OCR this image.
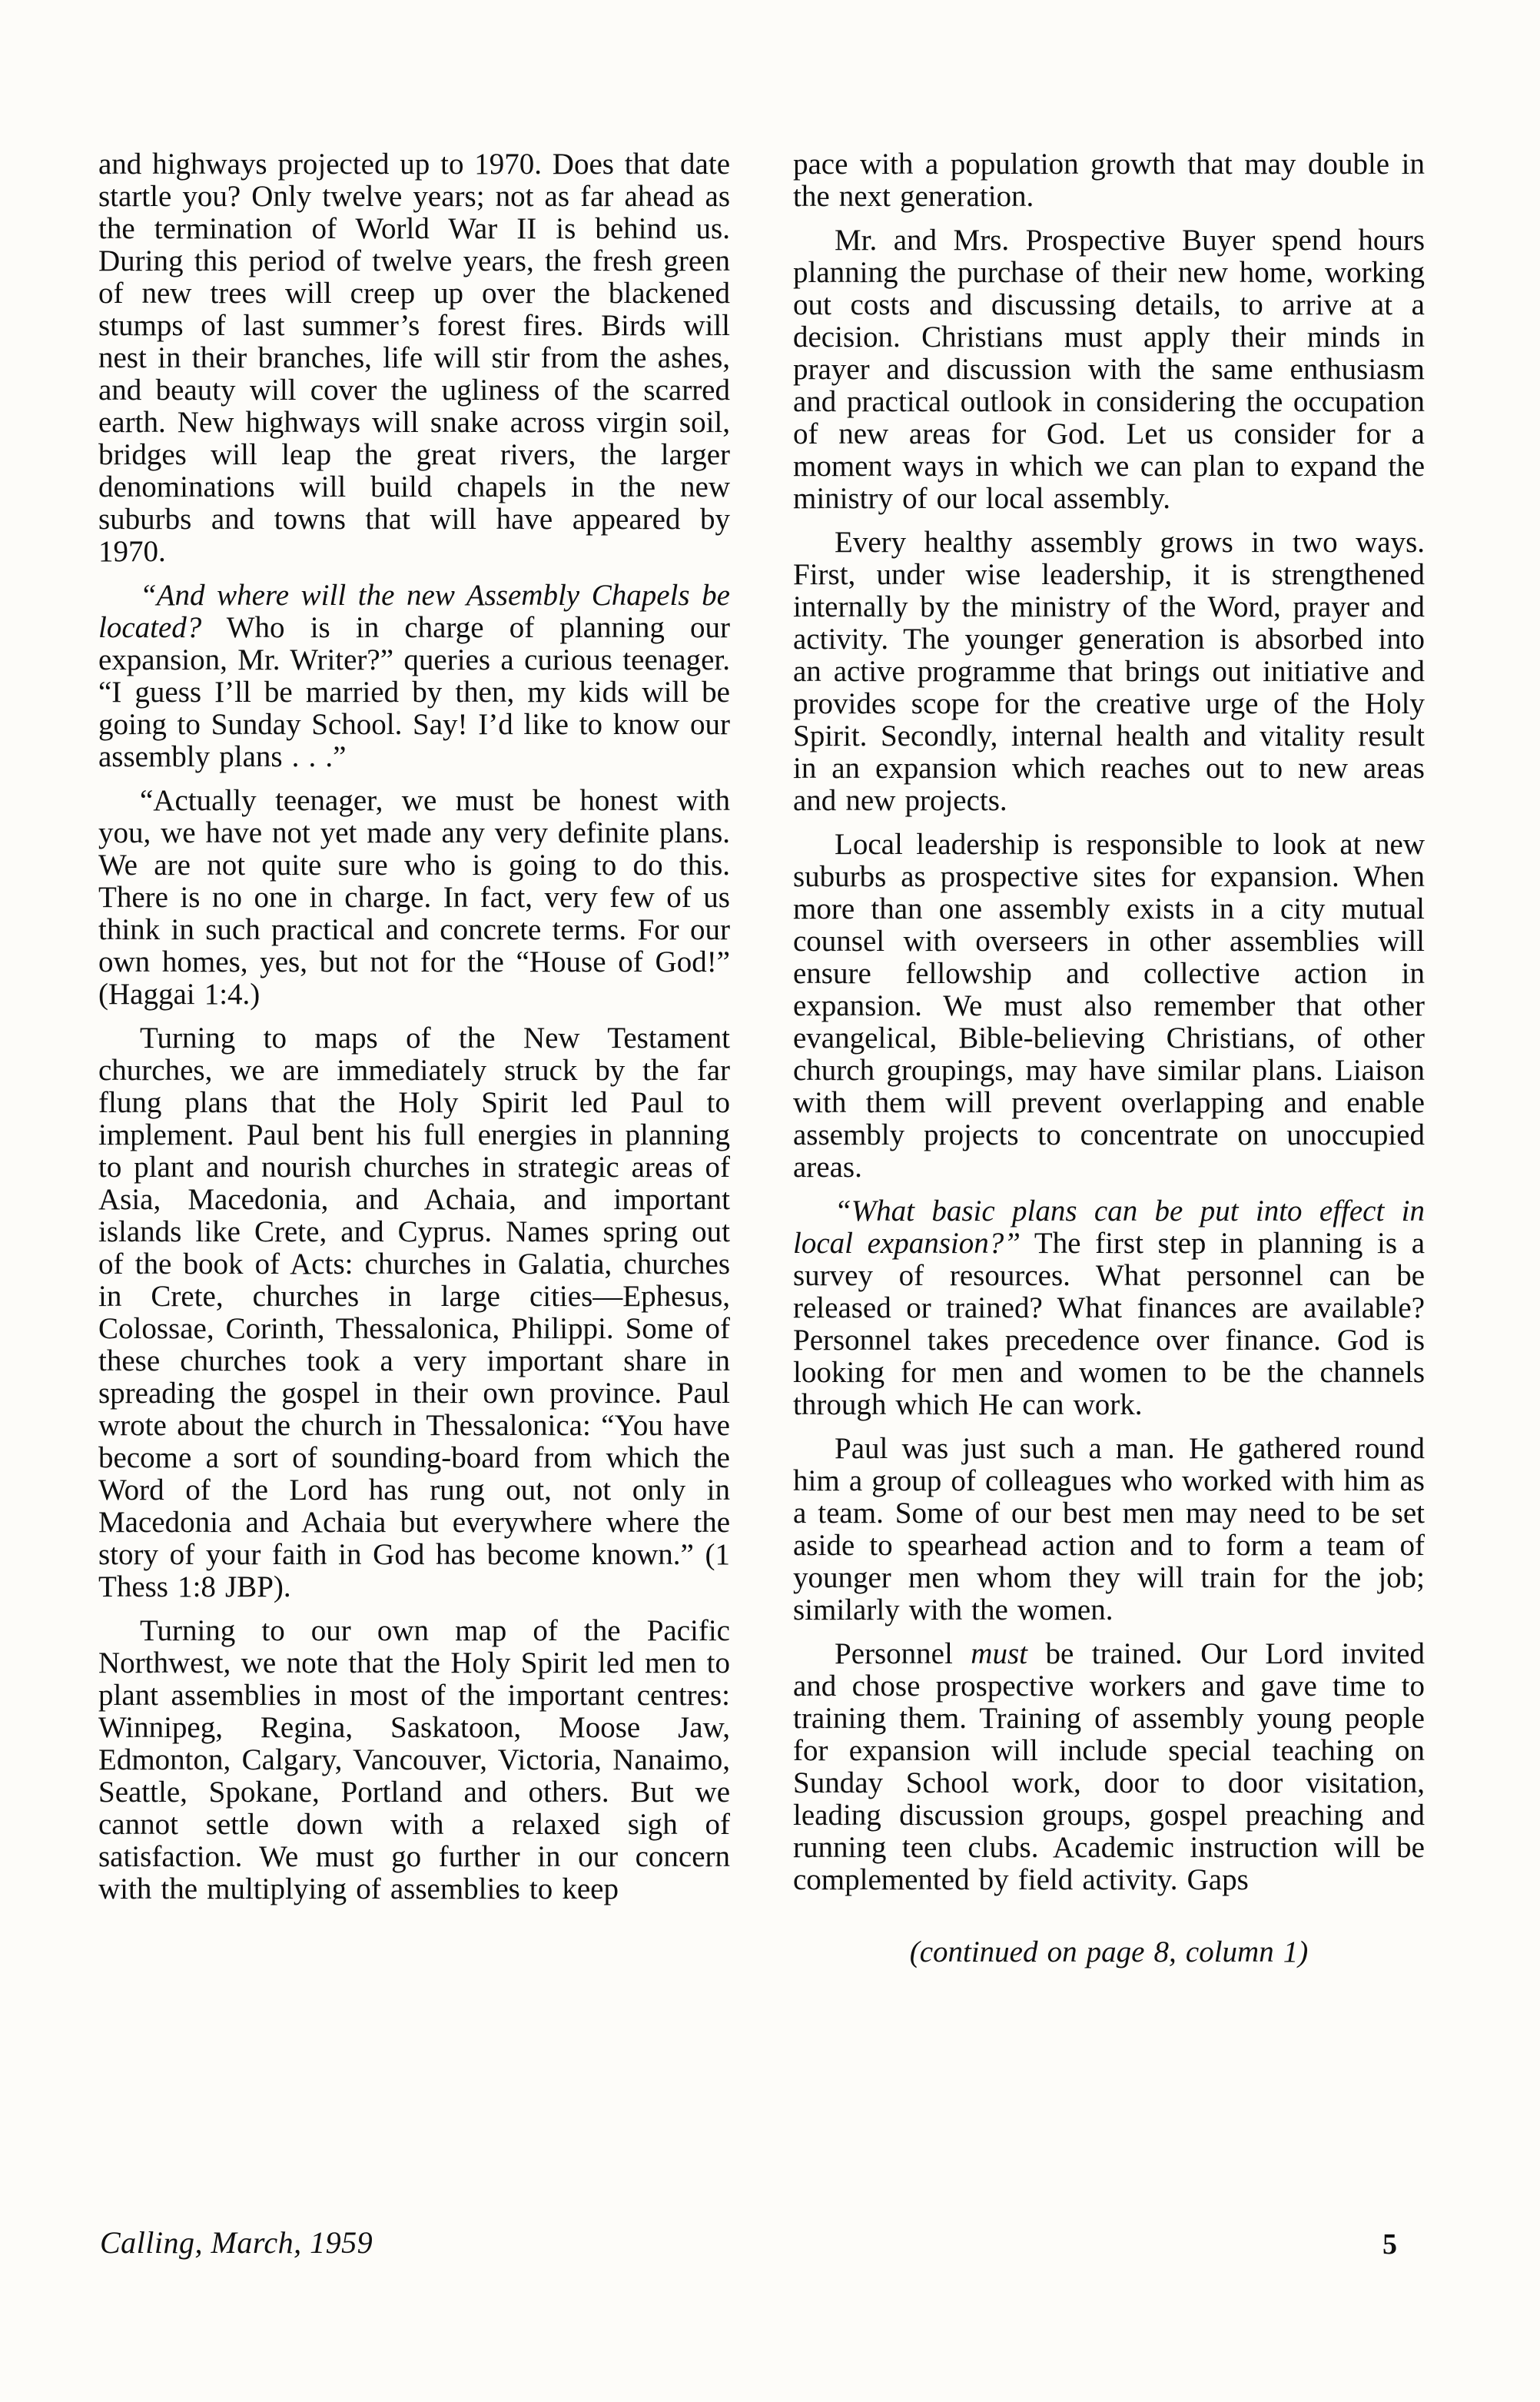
and highways projected up to 1970. Does that date startle you? Only twelve years; not as far ahead as the termination of World War II is behind us. During this period of twelve years, the fresh green of new trees will creep up over the blackened stumps of last summer’s forest fires. Birds will nest in their branches, life will stir from the ashes, and beauty will cover the ugliness of the scarred earth. New highways will snake across virgin soil, bridges will leap the great rivers, the larger denominations will build chapels in the new suburbs and towns that will have appeared by 1970.

“And where will the new Assembly Chapels be located? Who is in charge of planning our expansion, Mr. Writer?” queries a curious teenager. “I guess I’ll be married by then, my kids will be going to Sunday School. Say! I’d like to know our assembly plans . . .”

“Actually teenager, we must be honest with you, we have not yet made any very definite plans. We are not quite sure who is going to do this. There is no one in charge. In fact, very few of us think in such practical and concrete terms. For our own homes, yes, but not for the “House of God!” (Haggai 1:4.)

Turning to maps of the New Testament churches, we are immediately struck by the far flung plans that the Holy Spirit led Paul to implement. Paul bent his full energies in planning to plant and nourish churches in strategic areas of Asia, Macedonia, and Achaia, and important islands like Crete, and Cyprus. Names spring out of the book of Acts: churches in Galatia, churches in Crete, churches in large cities—Ephesus, Colossae, Corinth, Thessalonica, Philippi. Some of these churches took a very important share in spreading the gospel in their own province. Paul wrote about the church in Thessalonica: “You have become a sort of sounding-board from which the Word of the Lord has rung out, not only in Macedonia and Achaia but everywhere where the story of your faith in God has become known.” (1 Thess 1:8 JBP).

Turning to our own map of the Pacific Northwest, we note that the Holy Spirit led men to plant assemblies in most of the important centres: Winnipeg, Regina, Saskatoon, Moose Jaw, Edmonton, Calgary, Vancouver, Victoria, Nanaimo, Seattle, Spokane, Portland and others. But we cannot settle down with a relaxed sigh of satisfaction. We must go further in our concern with the multiplying of assemblies to keep

pace with a population growth that may double in the next generation.

Mr. and Mrs. Prospective Buyer spend hours planning the purchase of their new home, working out costs and discussing details, to arrive at a decision. Christians must apply their minds in prayer and discussion with the same enthusiasm and practical outlook in considering the occupation of new areas for God. Let us consider for a moment ways in which we can plan to expand the ministry of our local assembly.

Every healthy assembly grows in two ways. First, under wise leadership, it is strengthened internally by the ministry of the Word, prayer and activity. The younger generation is absorbed into an active programme that brings out initiative and provides scope for the creative urge of the Holy Spirit. Secondly, internal health and vitality result in an expansion which reaches out to new areas and new projects.

Local leadership is responsible to look at new suburbs as prospective sites for expansion. When more than one assembly exists in a city mutual counsel with overseers in other assemblies will ensure fellowship and collective action in expansion. We must also remember that other evangelical, Bible-believing Christians, of other church groupings, may have similar plans. Liaison with them will prevent overlapping and enable assembly projects to concentrate on unoccupied areas.

“What basic plans can be put into effect in local expansion?” The first step in planning is a survey of resources. What personnel can be released or trained? What finances are available? Personnel takes precedence over finance. God is looking for men and women to be the channels through which He can work.

Paul was just such a man. He gathered round him a group of colleagues who worked with him as a team. Some of our best men may need to be set aside to spearhead action and to form a team of younger men whom they will train for the job; similarly with the women.

Personnel must be trained. Our Lord invited and chose prospective workers and gave time to training them. Training of assembly young people for expansion will include special teaching on Sunday School work, door to door visitation, leading discussion groups, gospel preaching and running teen clubs. Academic instruction will be complemented by field activity. Gaps

(continued on page 8, column 1)

Calling, March, 1959	5
